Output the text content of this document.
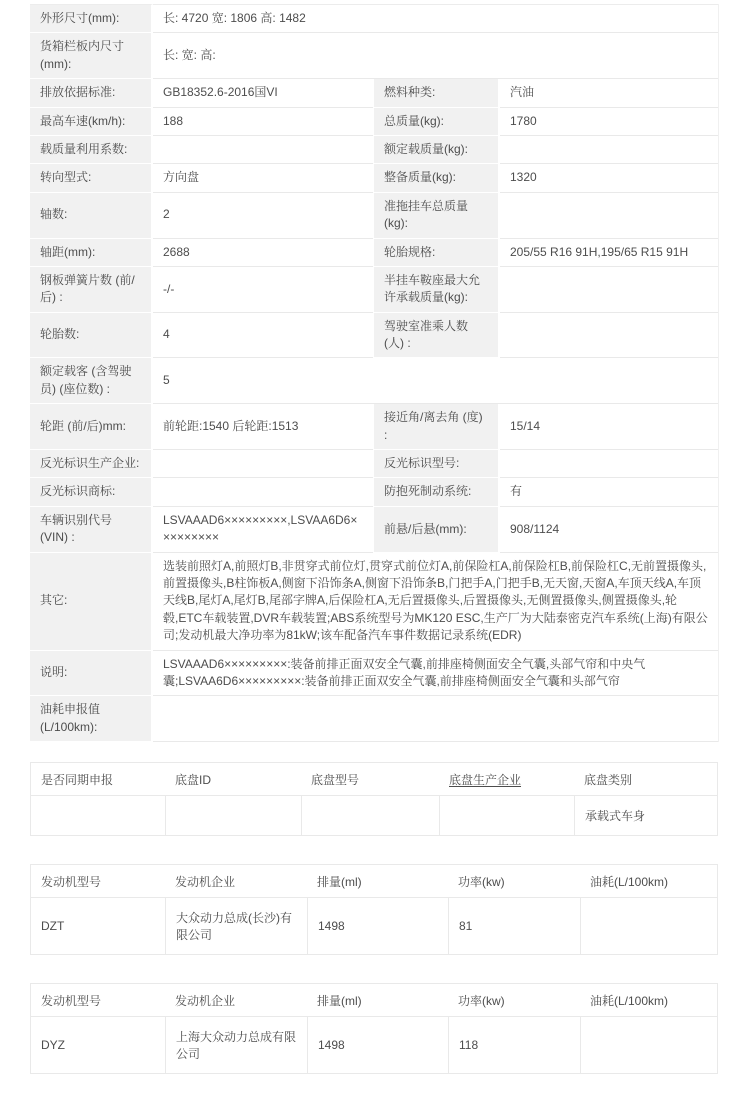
外形尺寸(mm):	长: 4720 宽: 1806 高: 1482		
货箱栏板内尺寸(mm):	长: 宽: 高:		
排放依据标准:	GB18352.6-2016国VI	燃料种类:	汽油
最高车速(km/h):	188	总质量(kg):	1780
载质量利用系数:		额定载质量(kg):	
转向型式:	方向盘	整备质量(kg):	1320
轴数:	2	准拖挂车总质量(kg):	
轴距(mm):	2688	轮胎规格:	205/55 R16 91H,195/65 R15 91H
钢板弹簧片数 (前/后) :	-/-	半挂车鞍座最大允许承载质量(kg):	
轮胎数:	4	驾驶室准乘人数 (人) :	
额定载客 (含驾驶员) (座位数) :	5		
轮距 (前/后)mm:	前轮距:1540 后轮距:1513	接近角/离去角 (度) :	15/14
反光标识生产企业:		反光标识型号:	
反光标识商标:		防抱死制动系统:	有
车辆识别代号 (VIN) :	LSVAAAD6×××××××××,LSVAA6D6×××××××××	前悬/后悬(mm):	908/1124
其它:	选装前照灯A,前照灯B,非贯穿式前位灯,贯穿式前位灯A,前保险杠A,前保险杠B,前保险杠C,无前置摄像头,前置摄像头,B柱饰板A,侧窗下沿饰条A,侧窗下沿饰条B,门把手A,门把手B,无天窗,天窗A,车顶天线A,车顶天线B,尾灯A,尾灯B,尾部字牌A,后保险杠A,无后置摄像头,后置摄像头,无侧置摄像头,侧置摄像头,轮毂,ETC车载装置,DVR车载装置;ABS系统型号为MK120 ESC,生产厂为大陆泰密克汽车系统(上海)有限公司;发动机最大净功率为81kW;该车配备汽车事件数据记录系统(EDR)		
说明:	LSVAAAD6×××××××××:装备前排正面双安全气囊,前排座椅侧面安全气囊,头部气帘和中央气囊;LSVAA6D6×××××××××:装备前排正面双安全气囊,前排座椅侧面安全气囊和头部气帘		
油耗申报值(L/100km):			
是否同期申报	底盘ID	底盘型号	底盘生产企业	底盘类别
				承载式车身
发动机型号	发动机企业	排量(ml)	功率(kw)	油耗(L/100km)
DZT	大众动力总成(长沙)有限公司	1498	81	
发动机型号	发动机企业	排量(ml)	功率(kw)	油耗(L/100km)
DYZ	上海大众动力总成有限公司	1498	118	
